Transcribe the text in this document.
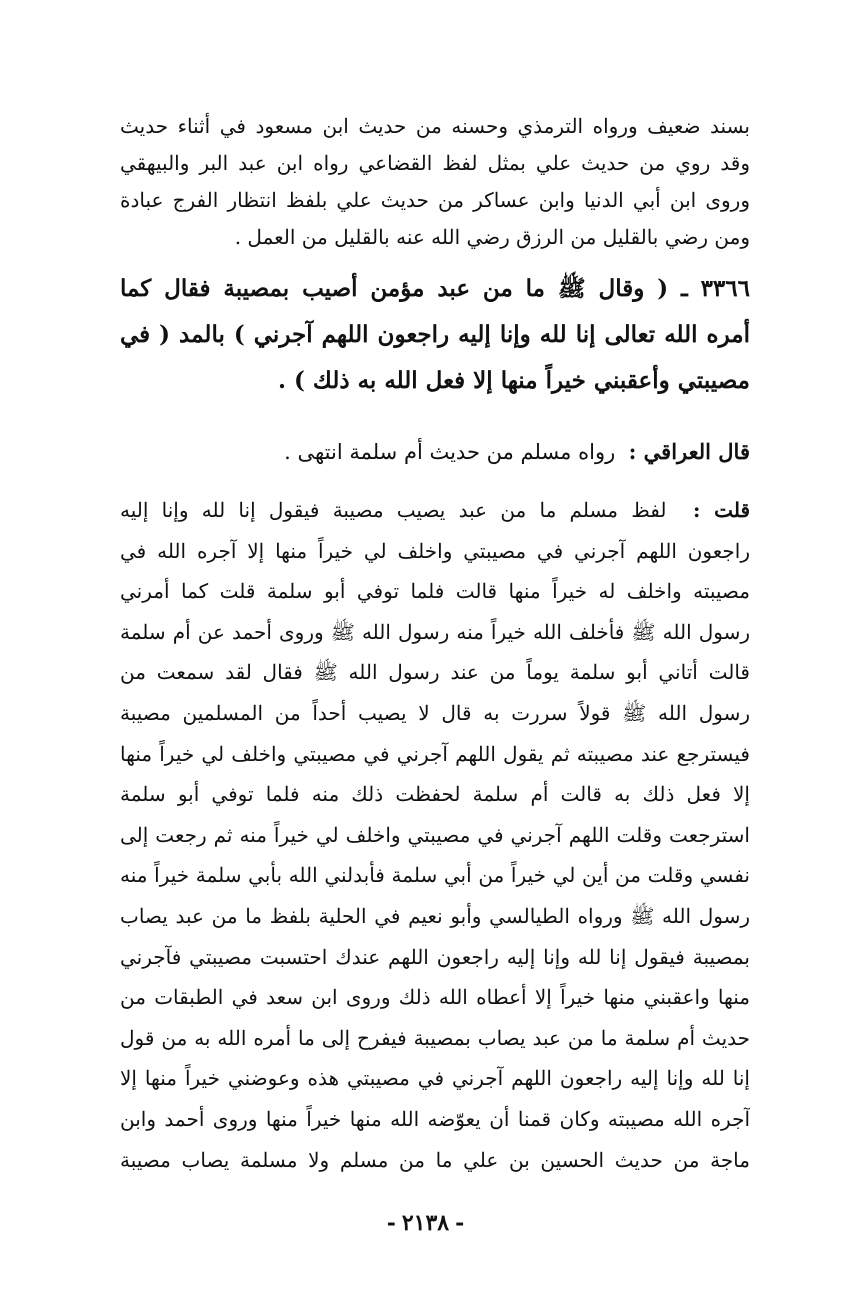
بسند ضعيف ورواه الترمذي وحسنه من حديث ابن مسعود في أثناء حديث
وقد روي من حديث علي بمثل لفظ القضاعي رواه ابن عبد البر والبيهقي
وروى ابن أبي الدنيا وابن عساكر من حديث علي بلفظ انتظار الفرج عبادة
ومن رضي بالقليل من الرزق رضي الله عنه بالقليل من العمل .
٣٣٦٦ ـ ( وقال ﷺ ما من عبد مؤمن أصيب بمصيبة فقال كما
أمره الله تعالى إنا لله وإنا إليه راجعون اللهم آجرني ) بالمد ( في
مصيبتي وأعقبني خيراً منها إلا فعل الله به ذلك ) .
قال العراقي :  رواه مسلم من حديث أم سلمة انتهى .
قلت :  لفظ مسلم ما من عبد يصيب مصيبة فيقول إنا لله وإنا إليه
راجعون اللهم آجرني في مصيبتي واخلف لي خيراً منها إلا آجره الله في
مصيبته واخلف له خيراً منها قالت فلما توفي أبو سلمة قلت كما أمرني
رسول الله ﷺ فأخلف الله خيراً منه رسول الله ﷺ وروى أحمد عن أم سلمة
قالت أتاني أبو سلمة يوماً من عند رسول الله ﷺ فقال لقد سمعت من
رسول الله ﷺ قولاً سررت به قال لا يصيب أحداً من المسلمين مصيبة
فيسترجع عند مصيبته ثم يقول اللهم آجرني في مصيبتي واخلف لي خيراً منها
إلا فعل ذلك به قالت أم سلمة لحفظت ذلك منه فلما توفي أبو سلمة
استرجعت وقلت اللهم آجرني في مصيبتي واخلف لي خيراً منه ثم رجعت إلى
نفسي وقلت من أين لي خيراً من أبي سلمة فأبدلني الله بأبي سلمة خيراً منه
رسول الله ﷺ ورواه الطيالسي وأبو نعيم في الحلية بلفظ ما من عبد يصاب
بمصيبة فيقول إنا لله وإنا إليه راجعون اللهم عندك احتسبت مصيبتي فآجرني
منها واعقبني منها خيراً إلا أعطاه الله ذلك وروى ابن سعد في الطبقات من
حديث أم سلمة ما من عبد يصاب بمصيبة فيفرح إلى ما أمره الله به من قول
إنا لله وإنا إليه راجعون اللهم آجرني في مصيبتي هذه وعوضني خيراً منها إلا
آجره الله مصيبته وكان قمنا أن يعوّضه الله منها خيراً منها وروى أحمد وابن
ماجة من حديث الحسين بن علي ما من مسلم ولا مسلمة يصاب مصيبة
-٢١٣٨-
